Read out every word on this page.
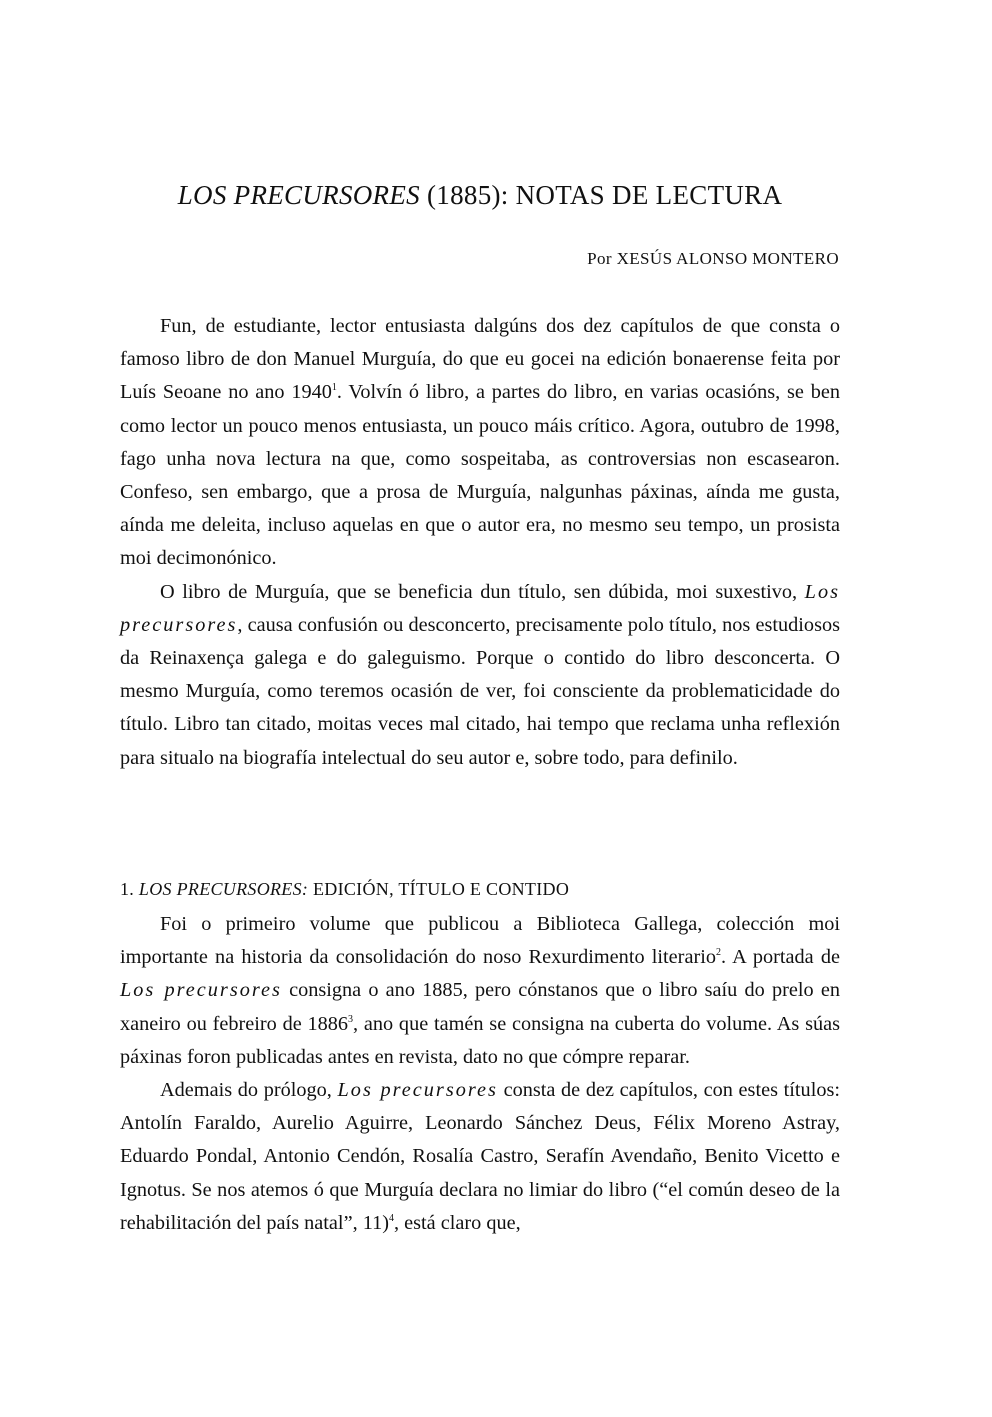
LOS PRECURSORES (1885): NOTAS DE LECTURA

Por XESÚS ALONSO MONTERO

Fun, de estudiante, lector entusiasta dalgúns dos dez capítulos de que consta o famoso libro de don Manuel Murguía, do que eu gocei na edición bonaerense feita por Luís Seoane no ano 1940$^1$. Volvín ó libro, a partes do libro, en varias ocasións, se ben como lector un pouco menos entusiasta, un pouco máis crítico. Agora, outubro de 1998, fago unha nova lectura na que, como sospeitaba, as controversias non escasearon. Confeso, sen embargo, que a prosa de Murguía, nalgunhas páxinas, aínda me gusta, aínda me deleita, incluso aquelas en que o autor era, no mesmo seu tempo, un prosista moi decimonónico.

O libro de Murguía, que se beneficia dun título, sen dúbida, moi suxestivo, Los precursores, causa confusión ou desconcerto, precisamente polo título, nos estudiosos da Reinaxença galega e do galeguismo. Porque o contido do libro desconcerta. O mesmo Murguía, como teremos ocasión de ver, foi consciente da problematicidade do título. Libro tan citado, moitas veces mal citado, hai tempo que reclama unha reflexión para situalo na biografía intelectual do seu autor e, sobre todo, para definilo.

1. LOS PRECURSORES: EDICIÓN, TÍTULO E CONTIDO

Foi o primeiro volume que publicou a Biblioteca Gallega, colección moi importante na historia da consolidación do noso Rexurdimento literario$^2$. A portada de Los precursores consigna o ano 1885, pero cónstanos que o libro saíu do prelo en xaneiro ou febreiro de 1886$^3$, ano que tamén se consigna na cuberta do volume. As súas páxinas foron publicadas antes en revista, dato no que cómpre reparar.

Ademais do prólogo, Los precursores consta de dez capítulos, con estes títulos: Antolín Faraldo, Aurelio Aguirre, Leonardo Sánchez Deus, Félix Moreno Astray, Eduardo Pondal, Antonio Cendón, Rosalía Castro, Serafín Avendaño, Benito Vicetto e Ignotus. Se nos atemos ó que Murguía declara no limiar do libro (“el común deseo de la rehabilitación del país natal”, 11)$^4$, está claro que,
